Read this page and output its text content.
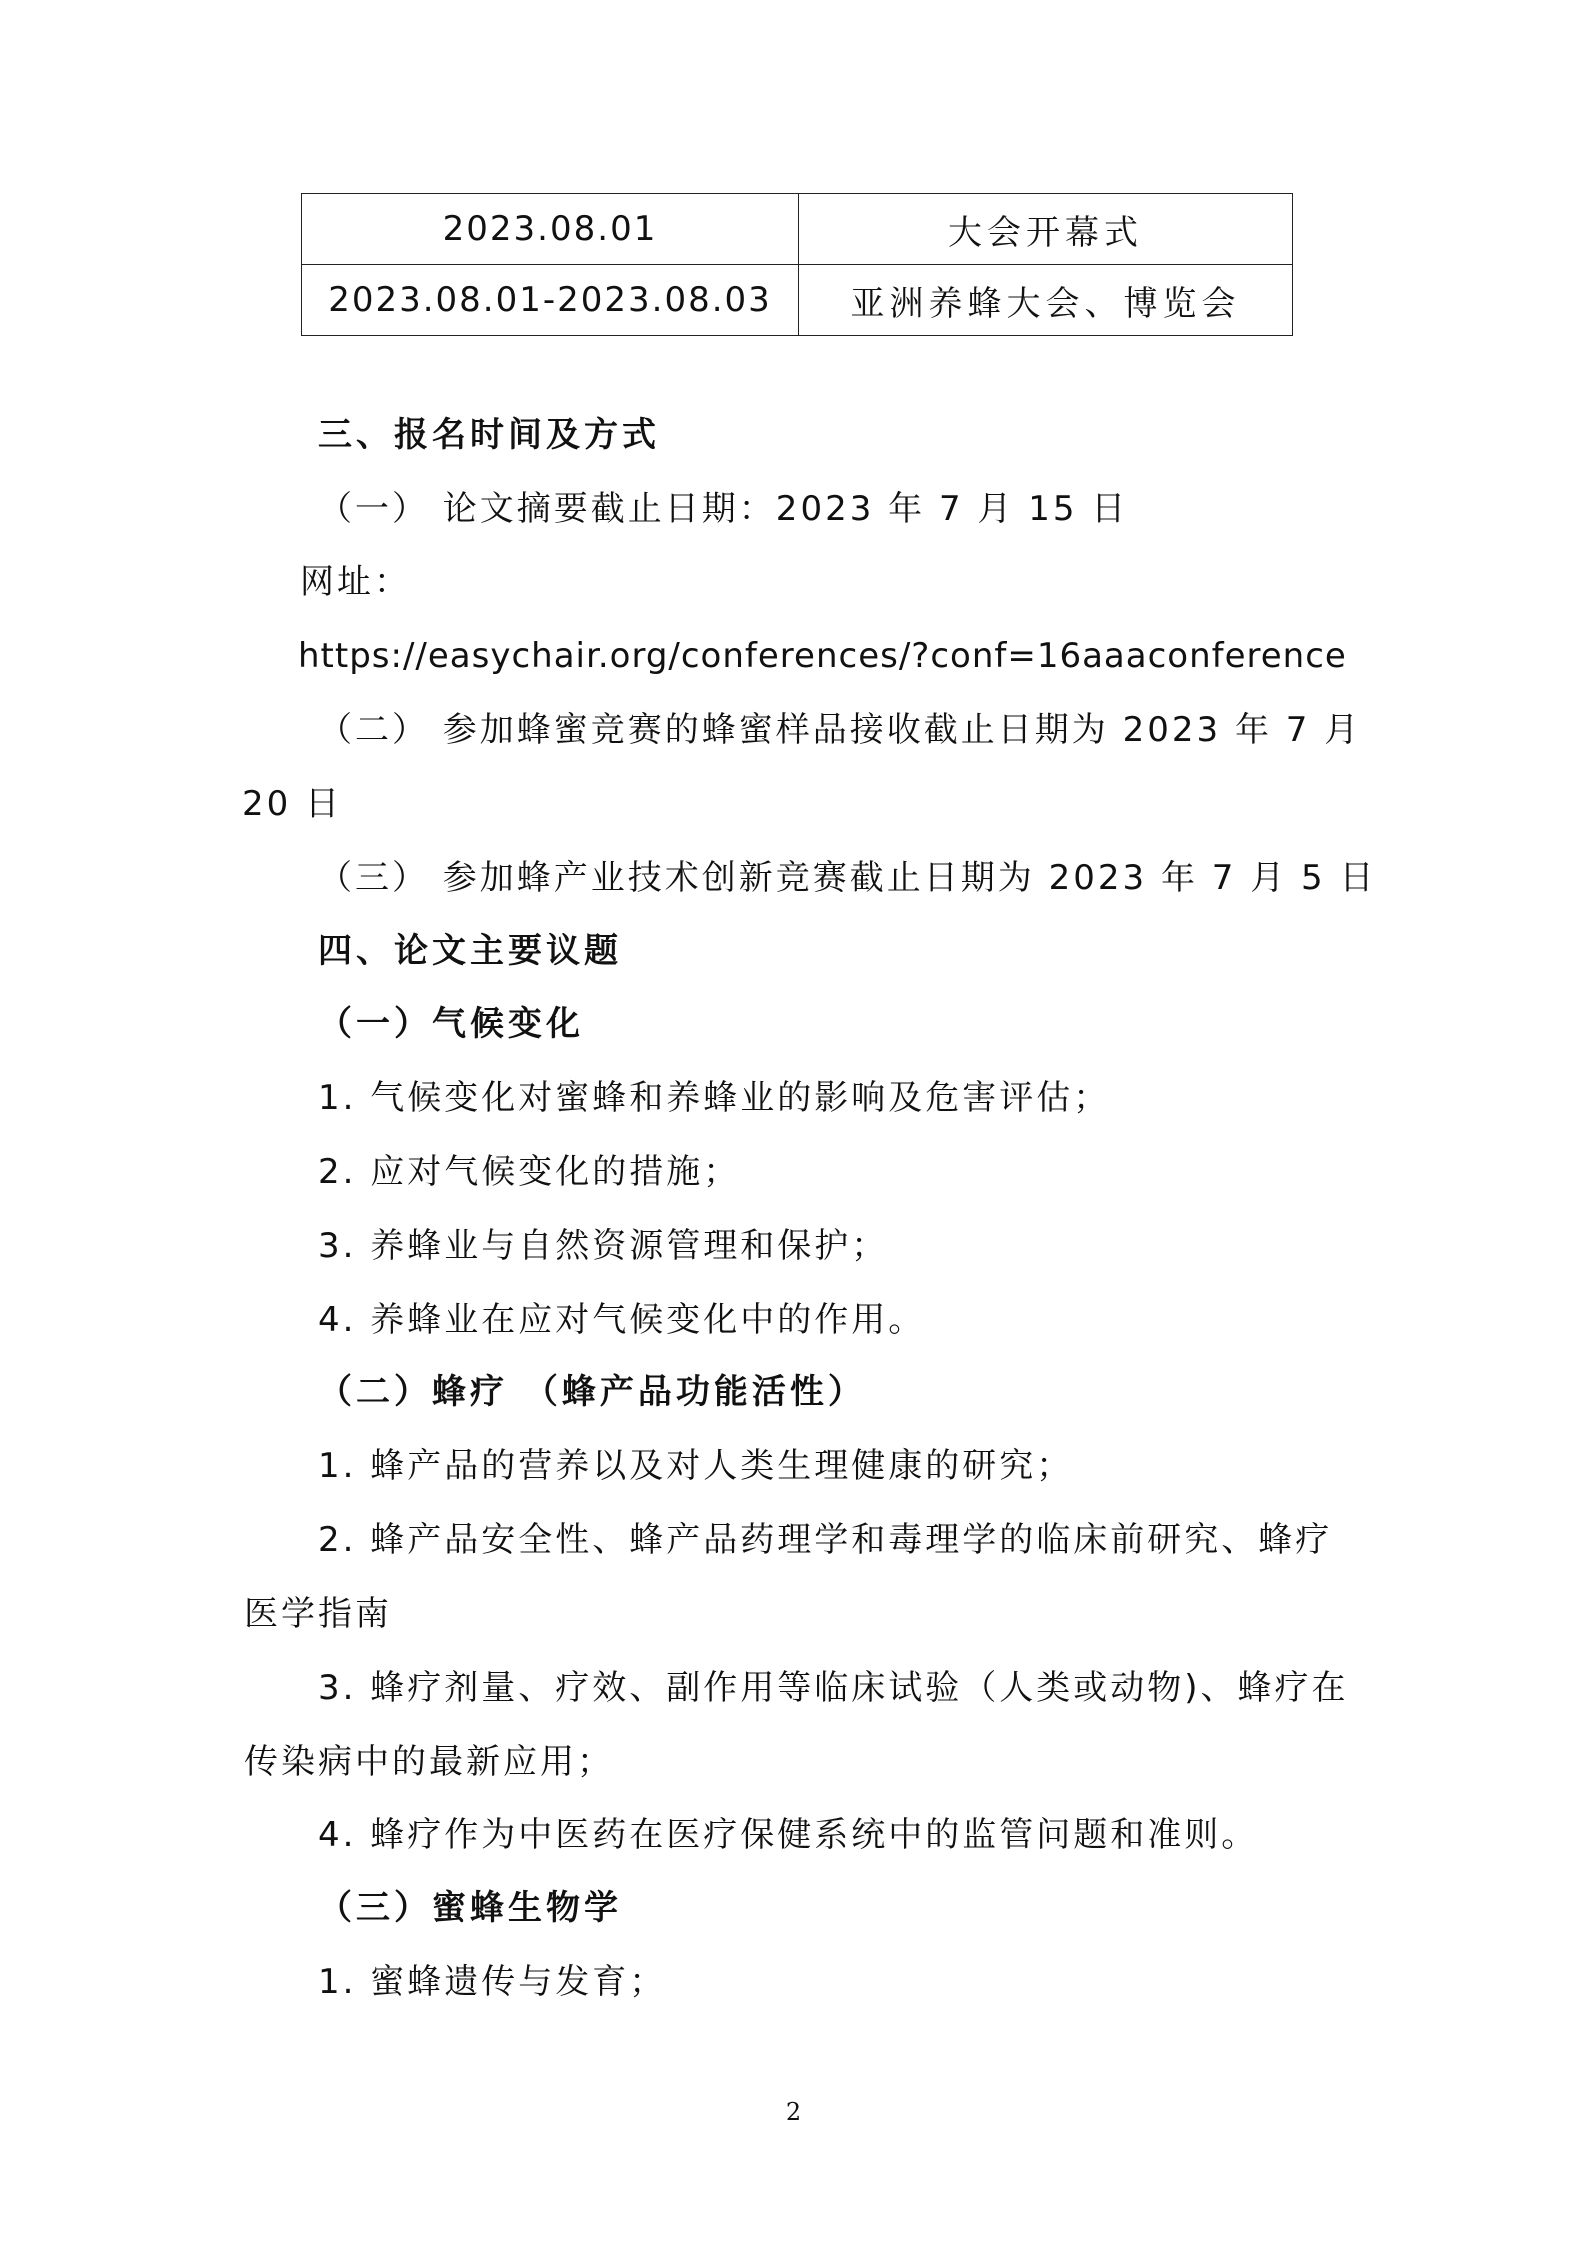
2023.08.01	大会开幕式
2023.08.01-2023.08.03	亚洲养蜂大会、博览会
三、报名时间及方式
（一） 论文摘要截止日期：2023 年 7 月 15 日
网址：
https://easychair.org/conferences/?conf=16aaaconference
（二） 参加蜂蜜竞赛的蜂蜜样品接收截止日期为 2023 年 7 月
20 日
（三） 参加蜂产业技术创新竞赛截止日期为 2023 年 7 月 5 日
四、论文主要议题
（一）气候变化
1. 气候变化对蜜蜂和养蜂业的影响及危害评估；
2. 应对气候变化的措施；
3. 养蜂业与自然资源管理和保护；
4. 养蜂业在应对气候变化中的作用。
（二）蜂疗 （蜂产品功能活性）
1. 蜂产品的营养以及对人类生理健康的研究；
2. 蜂产品安全性、蜂产品药理学和毒理学的临床前研究、蜂疗
医学指南
3. 蜂疗剂量、疗效、副作用等临床试验（人类或动物)、蜂疗在
传染病中的最新应用；
4. 蜂疗作为中医药在医疗保健系统中的监管问题和准则。
（三）蜜蜂生物学
1. 蜜蜂遗传与发育；
2
